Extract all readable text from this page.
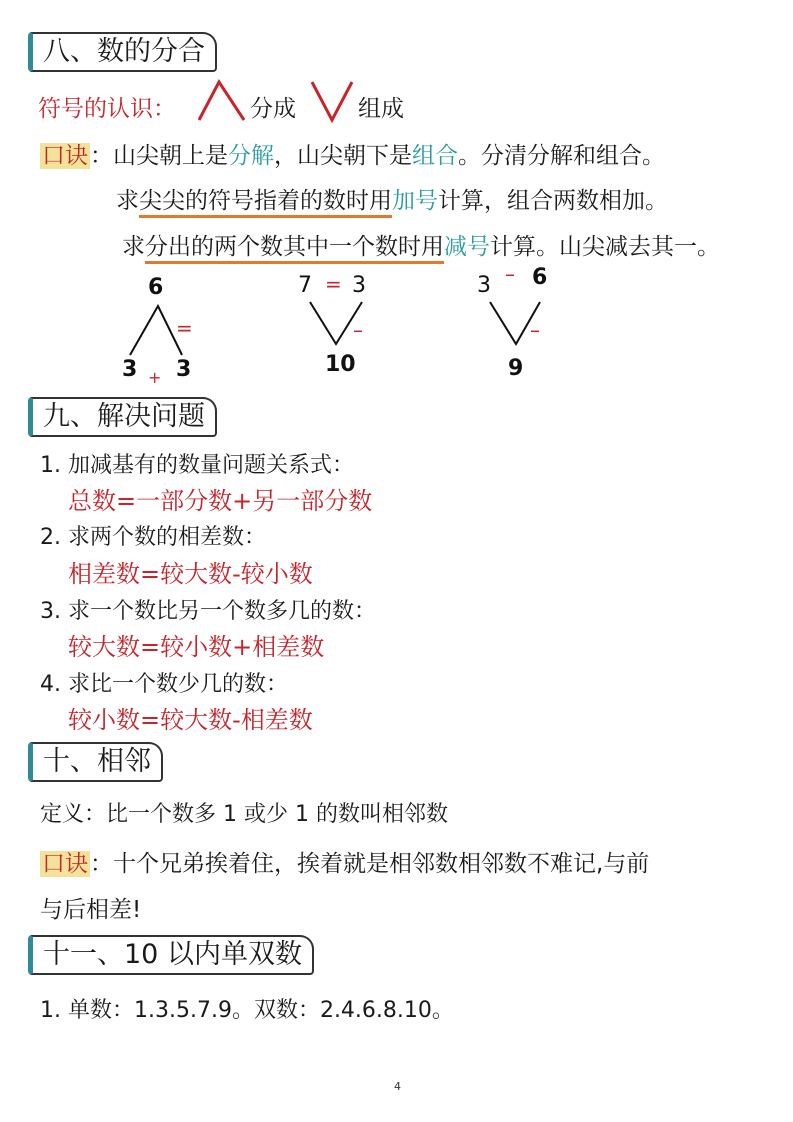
八、数的分合
符号的认识：	分成	组成
口诀：山尖朝上是分解，山尖朝下是组合。分清分解和组合。
求尖尖的符号指着的数时用加号计算，组合两数相加。
求分出的两个数其中一个数时用减号计算。山尖减去其一。
6
=
3 + 3
7 = 3
–
10
3 – 6
–
9
九、解决问题
1. 加减基有的数量问题关系式：
总数=一部分数+另一部分数
2. 求两个数的相差数：
相差数=较大数-较小数
3. 求一个数比另一个数多几的数：
较大数=较小数+相差数
4. 求比一个数少几的数：
较小数=较大数-相差数
十、相邻
定义：比一个数多 1 或少 1 的数叫相邻数
口诀：十个兄弟挨着住，挨着就是相邻数相邻数不难记,与前
与后相差!
十一、10 以内单双数
1. 单数：1.3.5.7.9。双数：2.4.6.8.10。
4
